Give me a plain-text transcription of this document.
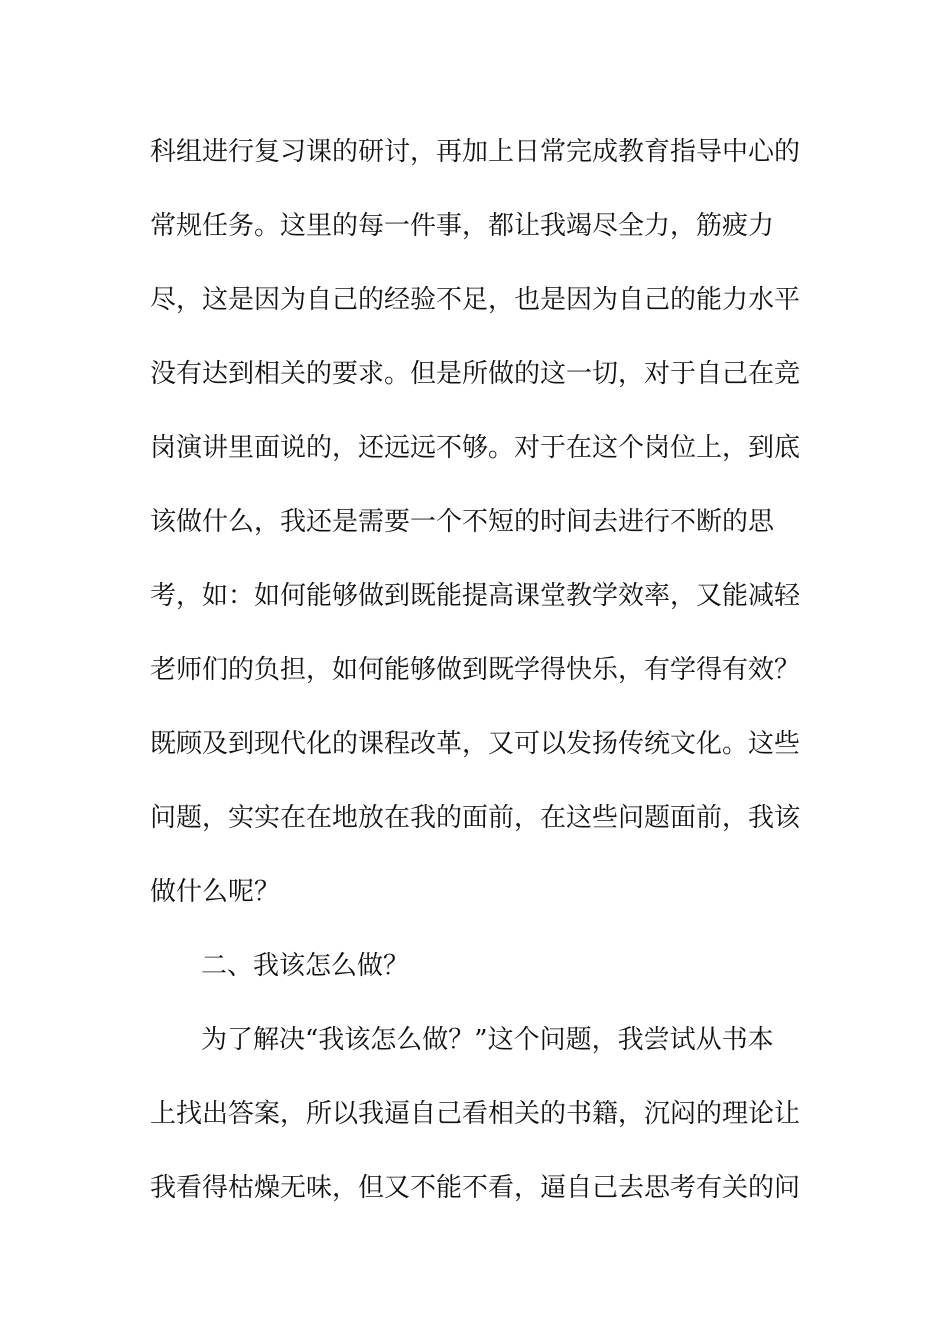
科组进行复习课的研讨，再加上日常完成教育指导中心的
常规任务。这里的每一件事，都让我竭尽全力，筋疲力
尽，这是因为自己的经验不足，也是因为自己的能力水平
没有达到相关的要求。但是所做的这一切，对于自己在竞
岗演讲里面说的，还远远不够。对于在这个岗位上，到底
该做什么，我还是需要一个不短的时间去进行不断的思
考，如：如何能够做到既能提高课堂教学效率，又能减轻
老师们的负担，如何能够做到既学得快乐，有学得有效？
既顾及到现代化的课程改革，又可以发扬传统文化。这些
问题，实实在在地放在我的面前，在这些问题面前，我该
做什么呢？
二、我该怎么做？
为了解决“我该怎么做？”这个问题，我尝试从书本
上找出答案，所以我逼自己看相关的书籍，沉闷的理论让
我看得枯燥无味，但又不能不看，逼自己去思考有关的问
